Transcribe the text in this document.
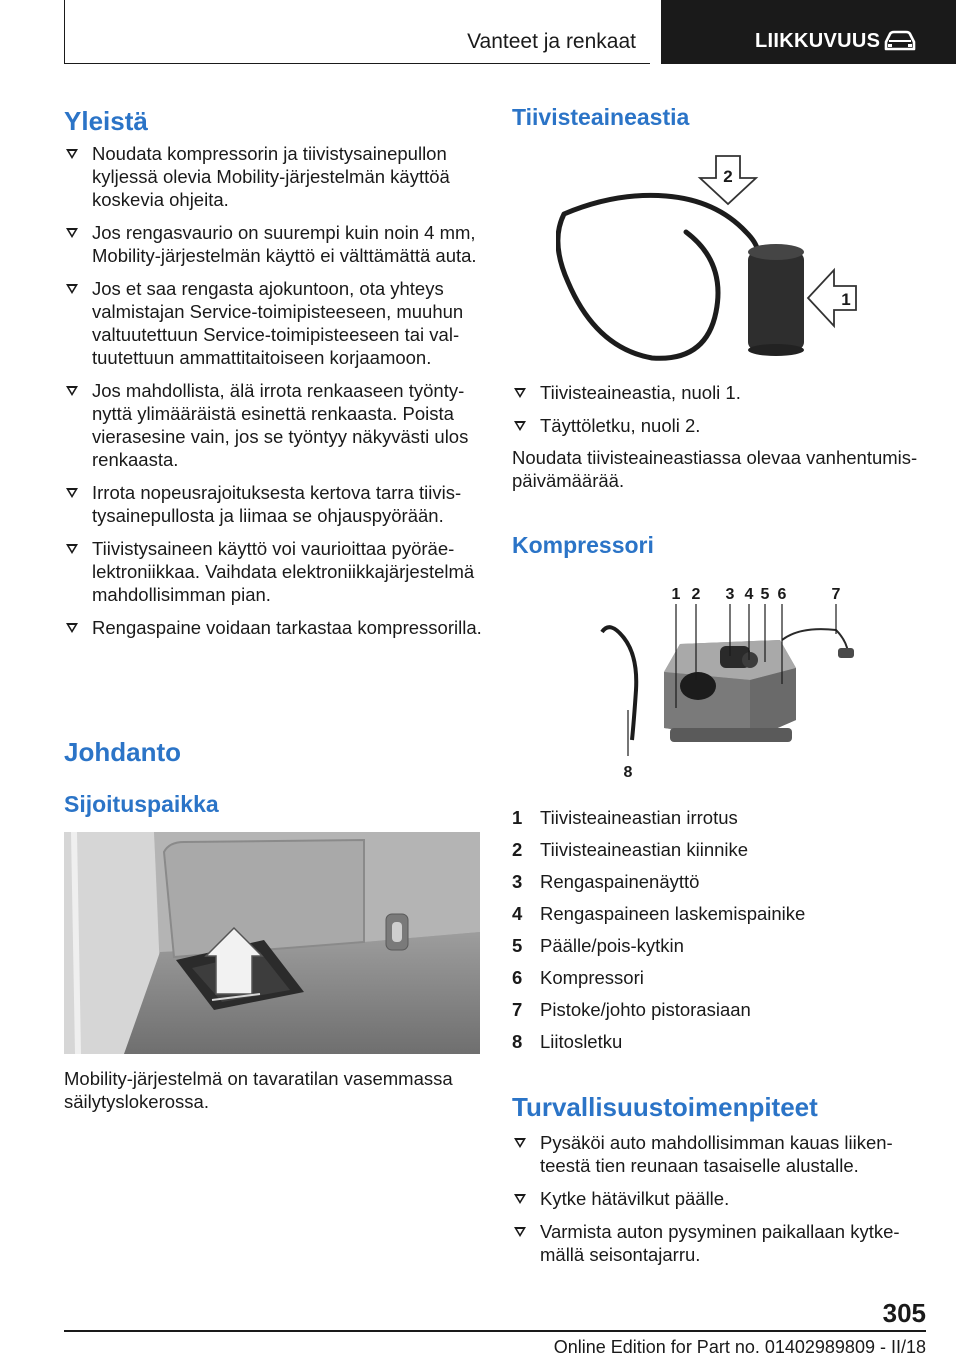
Vanteet ja renkaat	LIIKKUVUUS
Yleistä
Noudata kompressorin ja tiivistysainepullon kyljessä olevia Mobility-järjestelmän käyttöä koskevia ohjeita.
Jos rengasvaurio on suurempi kuin noin 4 mm, Mobility-järjestelmän käyttö ei välttämättä auta.
Jos et saa rengasta ajokuntoon, ota yhteys valmistajan Service-toimipisteeseen, muuhun valtuutettuun Service-toimipisteeseen tai valtuutettuun ammattitaitoiseen korjaamoon.
Jos mahdollista, älä irrota renkaaseen työntynyttä ylimääräistä esinettä renkaasta. Poista vierasesine vain, jos se työntyy näkyvästi ulos renkaasta.
Irrota nopeusrajoituksesta kertova tarra tiivistysainepullosta ja liimaa se ohjauspyörään.
Tiivistysaineen käyttö voi vaurioittaa pyöräelektroniikkaa. Vaihdata elektroniikkajärjestelmä mahdollisimman pian.
Rengaspaine voidaan tarkastaa kompressorilla.
Johdanto
Sijoituspaikka

Mobility-järjestelmä on tavaratilan vasemmassa säilytyslokerossa.

Tiivisteaineastia
2
1
Tiivisteaineastia, nuoli 1.
Täyttöletku, nuoli 2.

Noudata tiivisteaineastiassa olevaa vanhentumispäivämäärää.

Kompressori
1 2 3 4 5 6	7
8
1 Tiivisteaineastian irrotus
2 Tiivisteaineastian kiinnike
3 Rengaspainenäyttö
4 Rengaspaineen laskemispainike
5 Päälle/pois-kytkin
6 Kompressori
7 Pistoke/johto pistorasiaan
8 Liitosletku
Turvallisuustoimenpiteet
Pysäköi auto mahdollisimman kauas liikenteestä tien reunaan tasaiselle alustalle.
Kytke hätävilkut päälle.
Varmista auton pysyminen paikallaan kytkemällä seisontajarru.
305
Online Edition for Part no. 01402989809 - II/18
